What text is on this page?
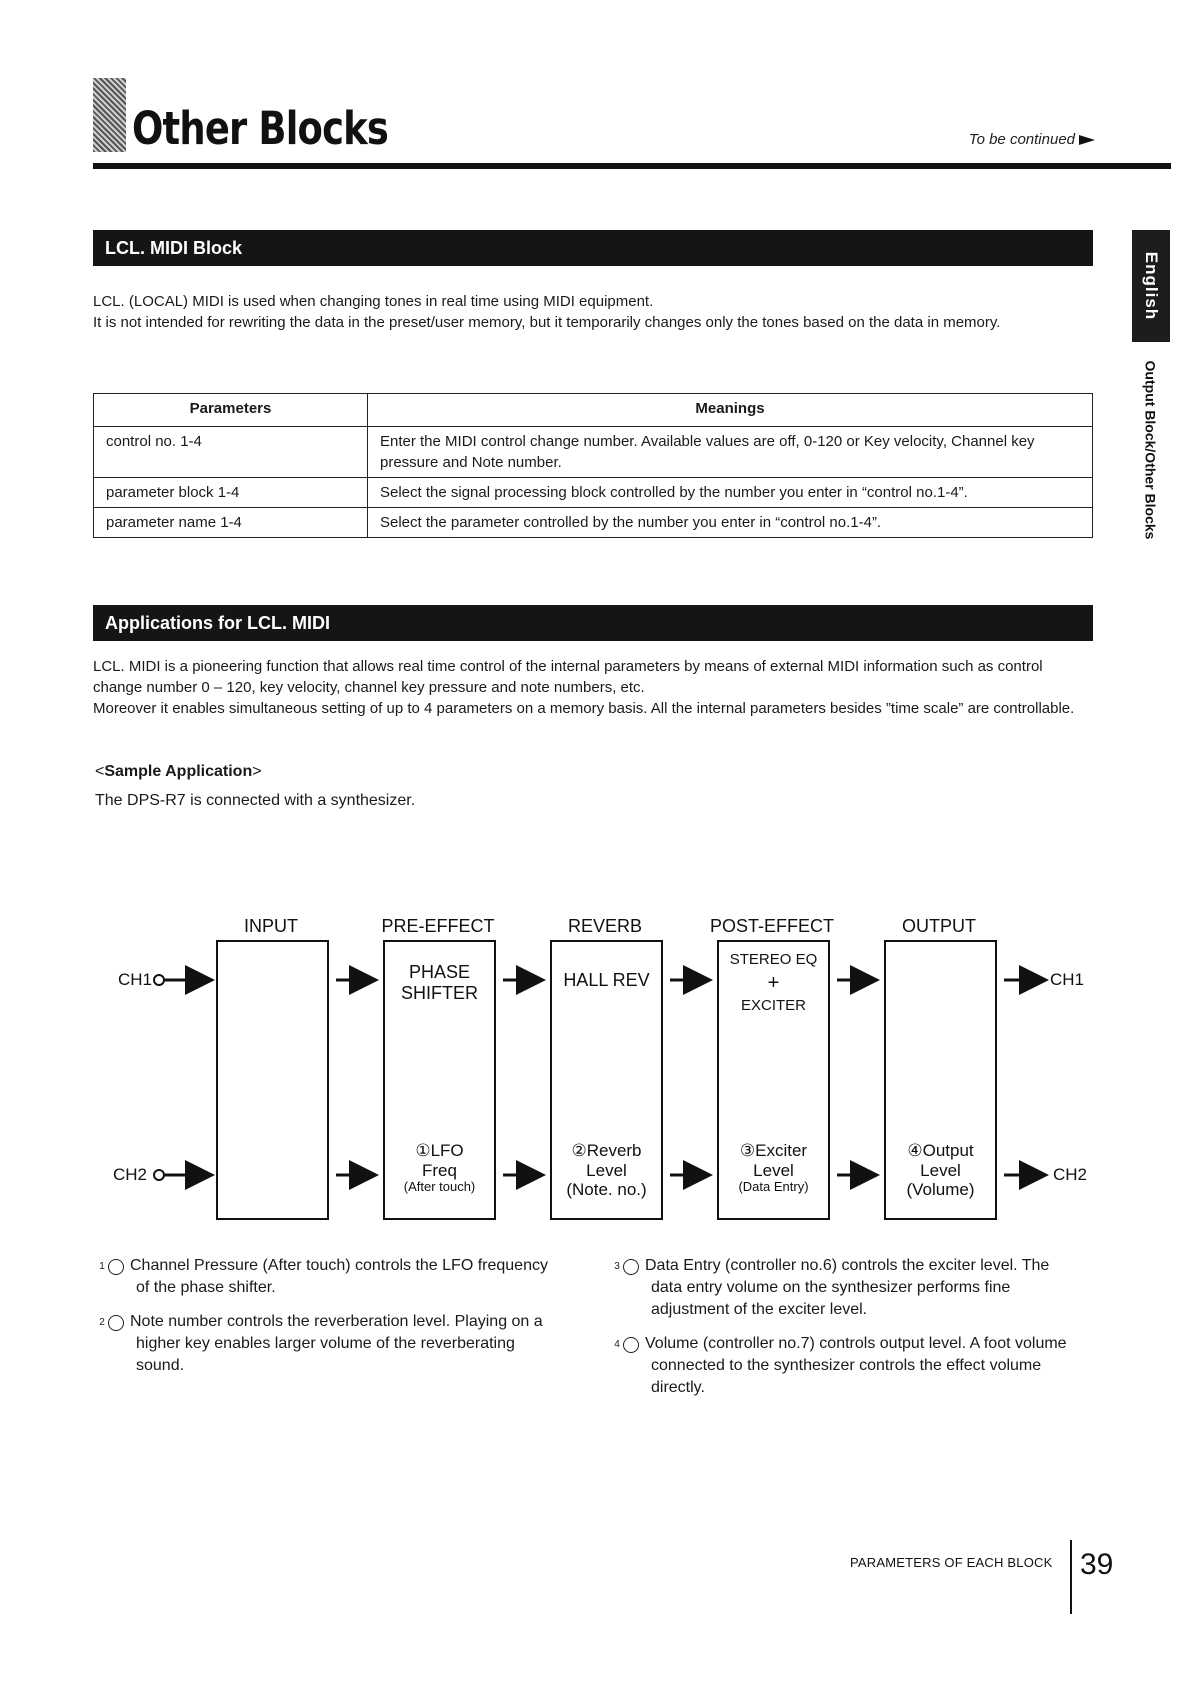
Other Blocks	To be continued
English
Output Block/Other Blocks
LCL. MIDI Block

LCL. (LOCAL) MIDI is used when changing tones in real time using MIDI equipment.

It is not intended for rewriting the data in the preset/user memory, but it temporarily changes only the tones based on the data in memory.

Parameters	Meanings
control no. 1-4	Enter the MIDI control change number. Available values are off, 0-120 or Key velocity, Channel key pressure and Note number.
parameter block 1-4	Select the signal processing block controlled by the number you enter in “control no.1-4”.
parameter name 1-4	Select the parameter controlled by the number you enter in “control no.1-4”.
Applications for LCL. MIDI

LCL. MIDI is a pioneering function that allows real time control of the internal parameters by means of external MIDI information such as control change number 0 – 120, key velocity, channel key pressure and note numbers, etc.

Moreover it enables simultaneous setting of up to 4 parameters on a memory basis. All the internal parameters besides ”time scale” are controllable.

<Sample Application>
The DPS-R7 is connected with a synthesizer.
INPUT	PRE-EFFECT	REVERB	POST-EFFECT	OUTPUT
CH1
CH2
CH1
CH2
PHASE
SHIFTER
HALL REV
STEREO EQ
+
EXCITER
①LFO
Freq

(After touch)
②Reverb
Level
(Note. no.)
③Exciter
Level

(Data Entry)
④Output
Level
(Volume)
1 Channel Pressure (After touch) controls the LFO frequency of the phase shifter.
2 Note number controls the reverberation level. Playing on a higher key enables larger volume of the reverberating sound.
3 Data Entry (controller no.6) controls the exciter level. The data entry volume on the synthesizer performs fine adjustment of the exciter level.
4 Volume (controller no.7) controls output level. A foot volume connected to the synthesizer controls the effect volume directly.
PARAMETERS OF EACH BLOCK 39
